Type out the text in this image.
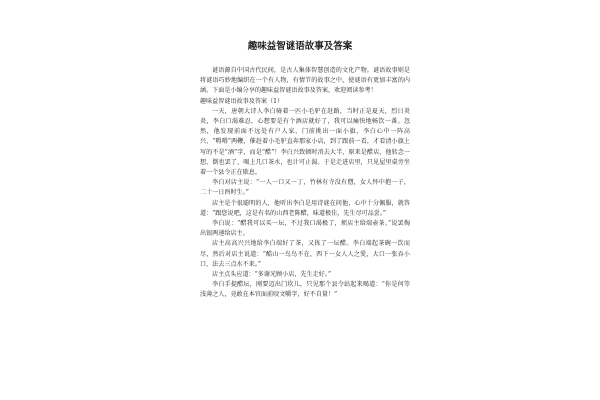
趣味益智谜语故事及答案

谜语源自中国古代民间，是古人集体智慧创造的文化产物。谜语故事则是将谜语巧妙地编织在一个有人物，有情节的故事之中，使谜语有更加丰富的内涵。下面是小编分享的趣味益智谜语故事及答案，欢迎阅读参考！

趣味益智谜语故事及答案（1）

一天，唐朝大诗人李白骑着一匹小毛驴在赶路，当时正是夏天，烈日炎炎，李白口渴难忍，心想要是有个酒店就好了，我可以痛快地畅饮一番。忽然，他发现前面不远处有户人家，门前挑出一面小旗，李白心中一阵高兴，“嘚嘚”两鞭，催赶着小毛驴直奔那家小店，到了跟前一看，才看清小旗上写的不是“酒”字，而是“醋”！李白兴致顿时消去大半，原来是醋店，他转念一想，倒也罢了，喝上几口茶水，也计可止渴。于是走进店里，只见屋里桌旁坐着一个县令正在歇息。

李白对店主说：“一人一口又一丁，竹林有寺没有僧，女人怀中抱一子，二十一日酉时生。”

店主是个很聪明的人，他听出李白是用诗谜在问他，心中十分佩服，就答道：“跟您说吧，这是有名的山西老陈醋，味道极佳，先生尽可品尝。”

李白说：“醋我可以买一坛，不过我口渴极了，烦店主给端壶茶。”说罢掏出银两递给店主。

店主高高兴兴地给李白端好了茶，又拣了一坛醋。李白端起茶碗一饮而尽，然后对店主说道：“酷山一鸟鸟不在，西下一女人人之愛，大口一张吞小口，法去三点水不来。”

店主点头应道：“多谢光顾小店，先生走好。”

李白手提醋坛，刚要迈出门坎儿，只见那个县令站起来喝道：“你是何等浅薄之人，竟敢在本官面前咬文嚼字，好不自量！”
